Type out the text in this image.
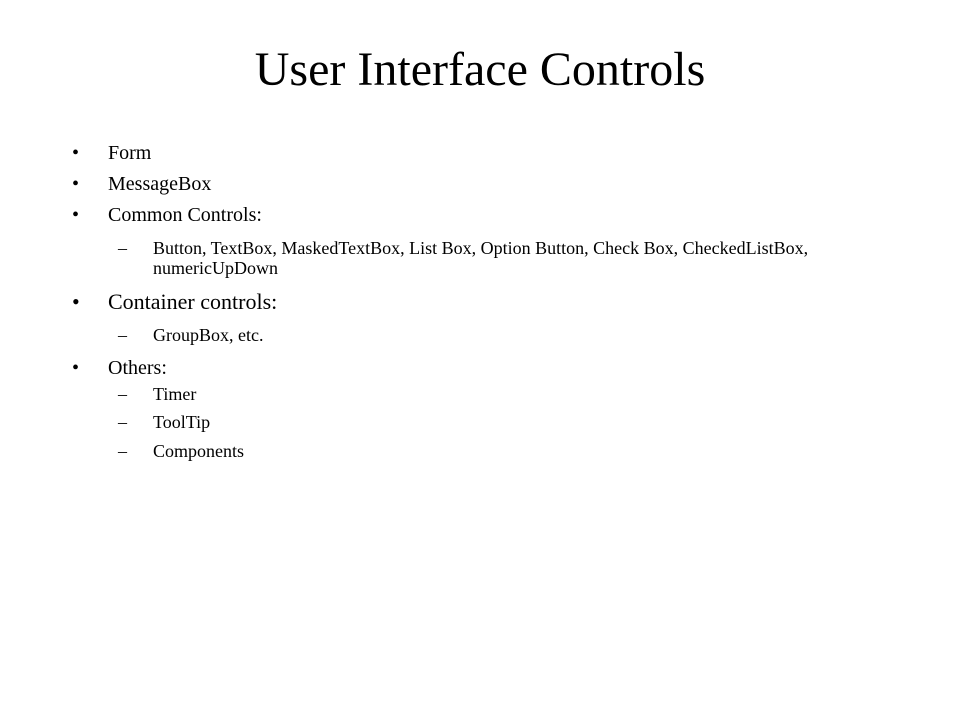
User Interface Controls
•	Form
•	MessageBox
•	Common Controls:
– Button, TextBox, MaskedTextBox, List Box, Option Button, Check Box, CheckedListBox, numericUpDown
•	Container controls:
– GroupBox, etc.
•	Others:
– Timer
– ToolTip
– Components
